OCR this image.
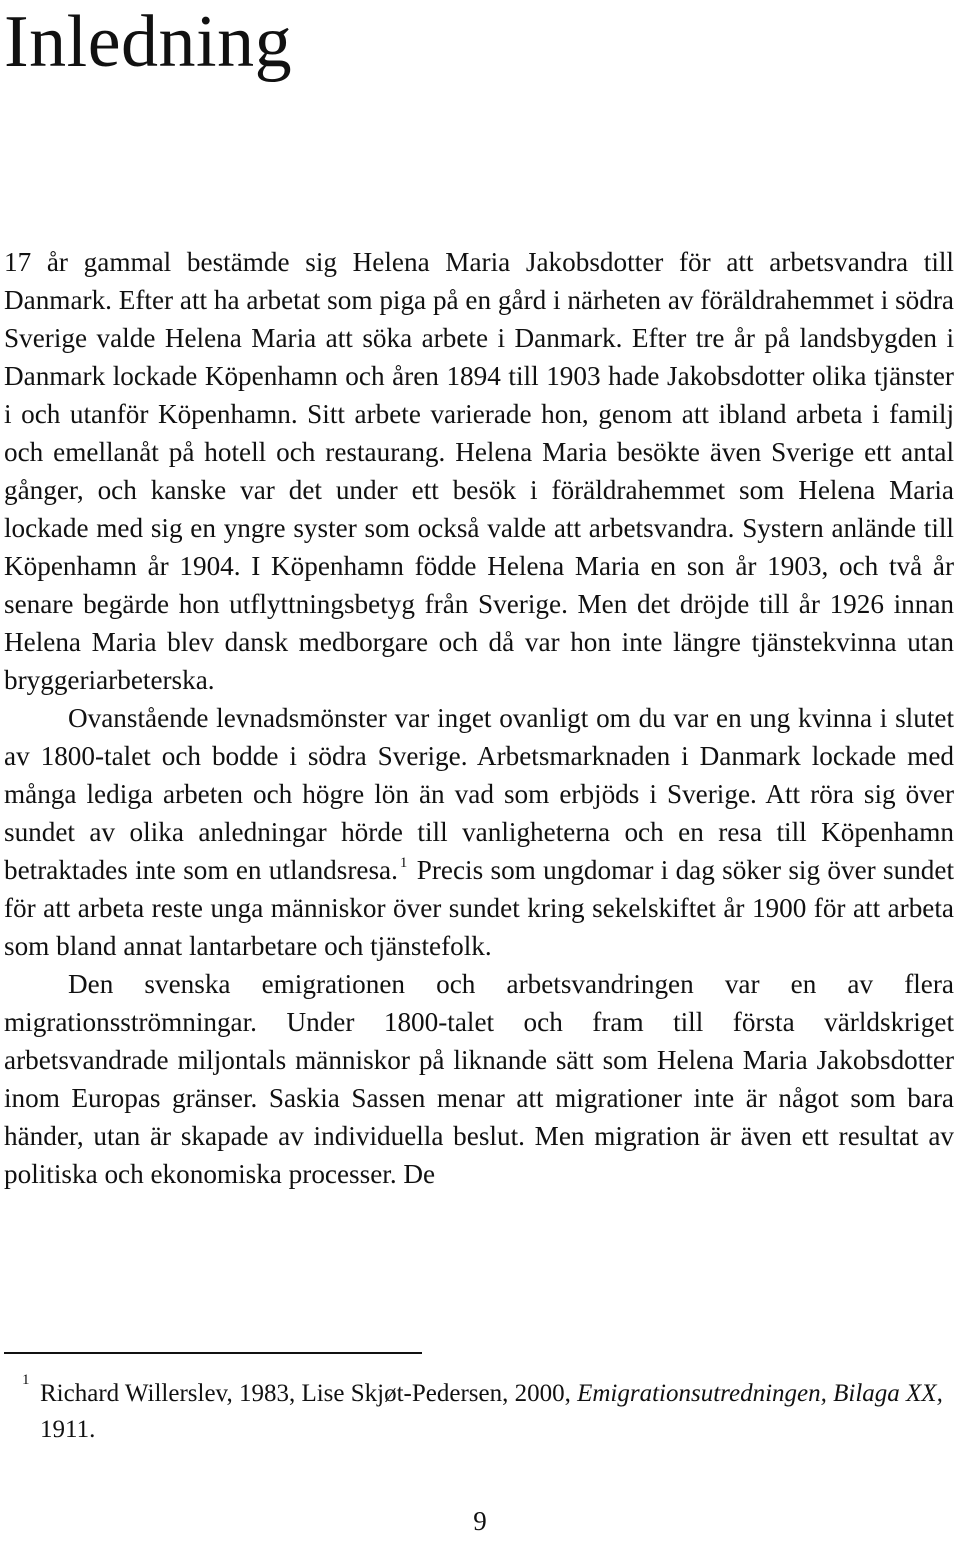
Inledning

17 år gammal bestämde sig Helena Maria Jakobsdotter för att arbetsvandra till Danmark. Efter att ha arbetat som piga på en gård i närheten av föräldrahemmet i södra Sverige valde Helena Maria att söka arbete i Danmark. Efter tre år på landsbygden i Danmark lockade Köpenhamn och åren 1894 till 1903 hade Jakobsdotter olika tjänster i och utanför Köpenhamn. Sitt arbete varierade hon, genom att ibland arbeta i familj och emellanåt på hotell och restaurang. Helena Maria besökte även Sverige ett antal gånger, och kanske var det under ett besök i föräldrahemmet som Helena Maria lockade med sig en yngre syster som också valde att arbetsvandra. Systern anlände till Köpenhamn år 1904. I Köpenhamn födde Helena Maria en son år 1903, och två år senare begärde hon utflyttningsbetyg från Sverige. Men det dröjde till år 1926 innan Helena Maria blev dansk medborgare och då var hon inte längre tjänstekvinna utan bryggeriarbeterska.

Ovanstående levnadsmönster var inget ovanligt om du var en ung kvinna i slutet av 1800-talet och bodde i södra Sverige. Arbetsmarknaden i Danmark lockade med många lediga arbeten och högre lön än vad som erbjöds i Sverige. Att röra sig över sundet av olika anledningar hörde till vanligheterna och en resa till Köpenhamn betraktades inte som en utlandsresa. $^1$ Precis som ungdomar i dag söker sig över sundet för att arbeta reste unga människor över sundet kring sekelskiftet år 1900 för att arbeta som bland annat lantarbetare och tjänstefolk.

Den svenska emigrationen och arbetsvandringen var en av flera migrationsströmningar. Under 1800-talet och fram till första världskriget arbetsvandrade miljontals människor på liknande sätt som Helena Maria Jakobsdotter inom Europas gränser. Saskia Sassen menar att migrationer inte är något som bara händer, utan är skapade av individuella beslut. Men migration är även ett resultat av politiska och ekonomiska processer. De

1 Richard Willerslev, 1983, Lise Skjøt-Pedersen, 2000, Emigrationsutredningen, Bilaga XX, 1911.

9
